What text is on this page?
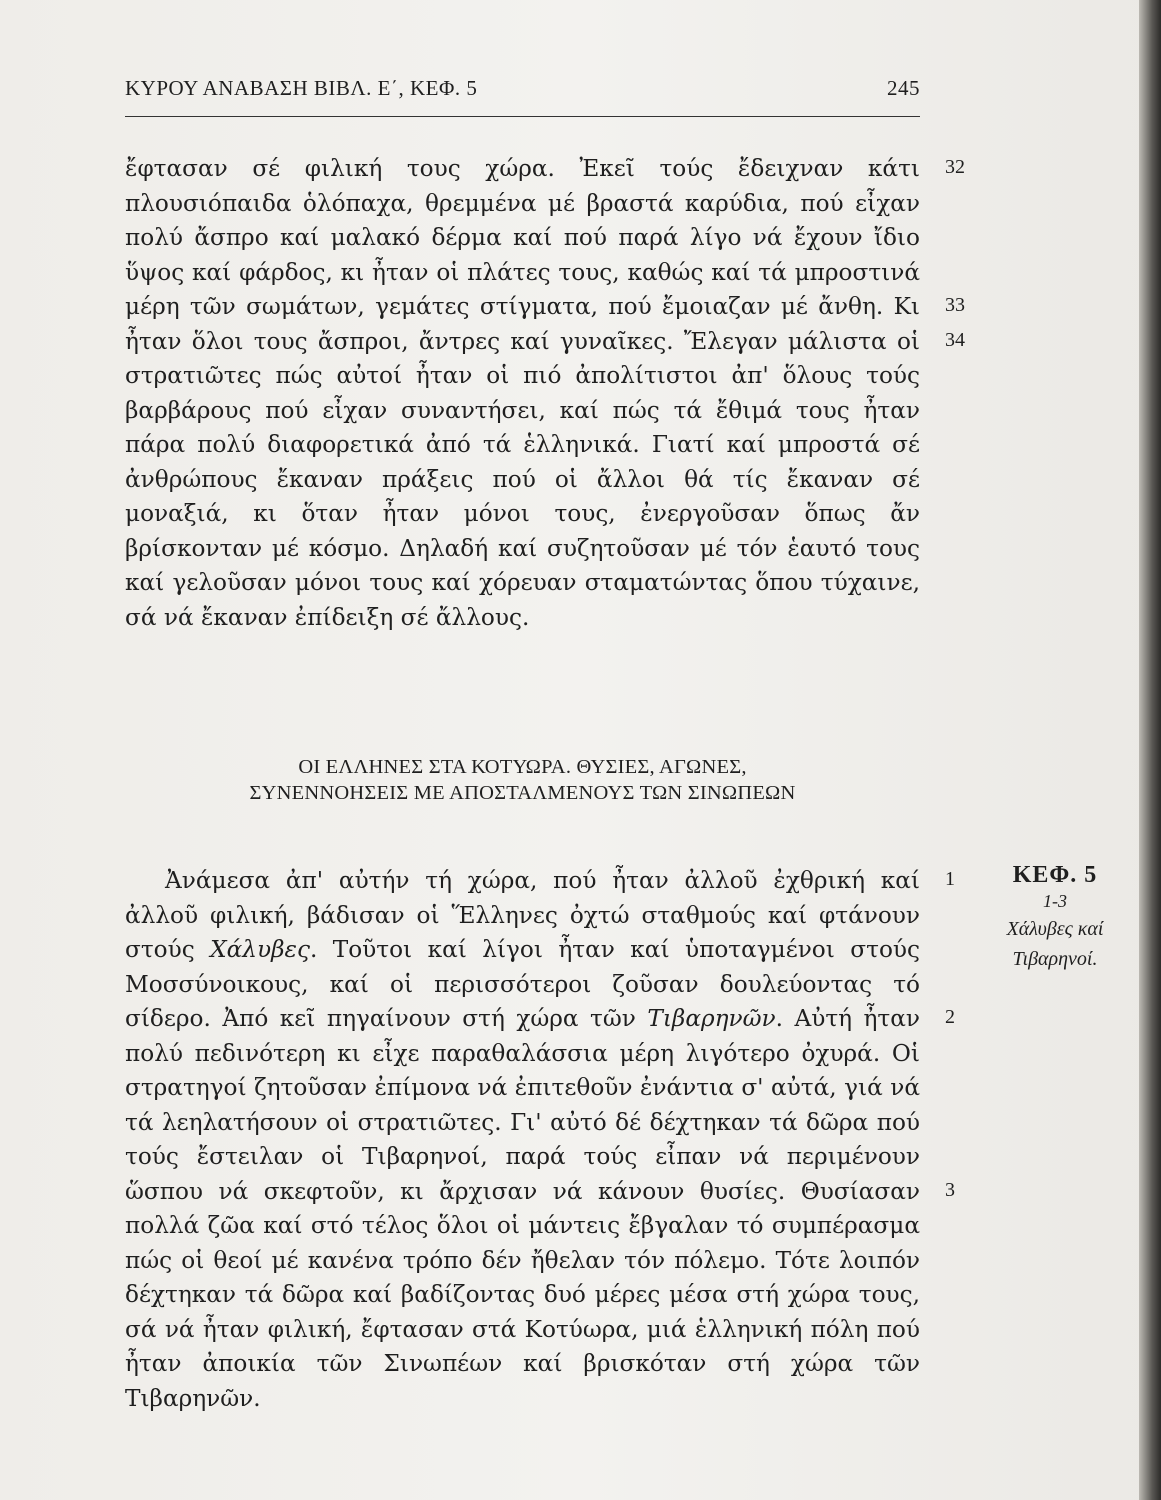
ΚΥΡΟΥ ΑΝΑΒΑΣΗ ΒΙΒΛ. Ε΄, ΚΕΦ. 5	245

ἔφτασαν σέ φιλική τους χώρα. Ἐκεῖ τούς ἔδειχναν κάτι πλουσιόπαιδα ὁλόπαχα, θρεμμένα μέ βραστά καρύδια, πού εἶχαν πολύ ἄσπρο καί μαλακό δέρμα καί πού παρά λίγο νά ἔχουν ἴδιο ὕψος καί φάρδος, κι ἦταν οἱ πλάτες τους, καθώς καί τά μπροστινά μέρη τῶν σωμάτων, γεμάτες στίγματα, πού ἔμοιαζαν μέ ἄνθη. Κι ἦταν ὅλοι τους ἄσπροι, ἄντρες καί γυναῖκες. Ἔλεγαν μάλιστα οἱ στρατιῶτες πώς αὐτοί ἦταν οἱ πιό ἀπολίτιστοι ἀπ' ὅλους τούς βαρβάρους πού εἶχαν συναντήσει, καί πώς τά ἔθιμά τους ἦταν πάρα πολύ διαφορετικά ἀπό τά ἑλληνικά. Γιατί καί μπροστά σέ ἀνθρώπους ἔκαναν πράξεις πού οἱ ἄλλοι θά τίς ἔκαναν σέ μοναξιά, κι ὅταν ἦταν μόνοι τους, ἐνεργοῦσαν ὅπως ἄν βρίσκονταν μέ κόσμο. Δηλαδή καί συζητοῦσαν μέ τόν ἑαυτό τους καί γελοῦσαν μόνοι τους καί χόρευαν σταματώντας ὅπου τύχαινε, σά νά ἔκαναν ἐπίδειξη σέ ἄλλους.

32
33
34
ΟΙ ΕΛΛΗΝΕΣ ΣΤΑ ΚΟΤΥΩΡΑ. ΘΥΣΙΕΣ, ΑΓΩΝΕΣ,
ΣΥΝΕΝΝΟΗΣΕΙΣ ΜΕ ΑΠΟΣΤΑΛΜΕΝΟΥΣ ΤΩΝ ΣΙΝΩΠΕΩΝ

Ἀνάμεσα ἀπ' αὐτήν τή χώρα, πού ἦταν ἀλλοῦ ἐχθρική καί ἀλλοῦ φιλική, βάδισαν οἱ Ἕλληνες ὀχτώ σταθμούς καί φτάνουν στούς Χάλυβες. Τοῦτοι καί λίγοι ἦταν καί ὑποταγμένοι στούς Μοσσύνοικους, καί οἱ περισσότεροι ζοῦσαν δουλεύοντας τό σίδερο. Ἀπό κεῖ πηγαίνουν στή χώρα τῶν Τιβαρηνῶν. Αὐτή ἦταν πολύ πεδινότερη κι εἶχε παραθαλάσσια μέρη λιγότερο ὀχυρά. Οἱ στρατηγοί ζητοῦσαν ἐπίμονα νά ἐπιτεθοῦν ἐνάντια σ' αὐτά, γιά νά τά λεηλατήσουν οἱ στρατιῶτες. Γι' αὐτό δέ δέχτηκαν τά δῶρα πού τούς ἔστειλαν οἱ Τιβαρηνοί, παρά τούς εἶπαν νά περιμένουν ὥσπου νά σκεφτοῦν, κι ἄρχισαν νά κάνουν θυσίες. Θυσίασαν πολλά ζῶα καί στό τέλος ὅλοι οἱ μάντεις ἔβγαλαν τό συμπέρασμα πώς οἱ θεοί μέ κανένα τρόπο δέν ἤθελαν τόν πόλεμο. Τότε λοιπόν δέχτηκαν τά δῶρα καί βαδίζοντας δυό μέρες μέσα στή χώρα τους, σά νά ἦταν φιλική, ἔφτασαν στά Κοτύωρα, μιά ἑλληνική πόλη πού ἦταν ἀποικία τῶν Σινωπέων καί βρισκόταν στή χώρα τῶν Τιβαρηνῶν.

1
2
3
ΚΕΦ. 5
1-3
Χάλυβες καί
Τιβαρηνοί.
